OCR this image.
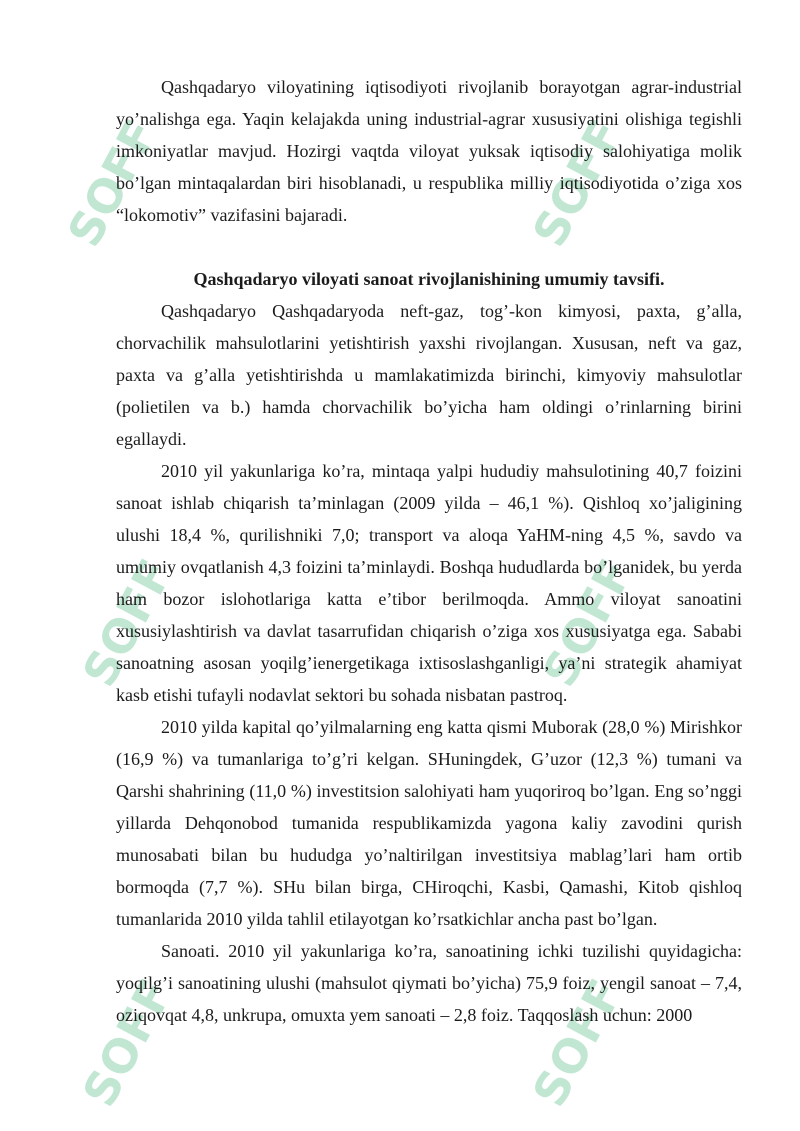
SOFF	SOFF
SOFF	SOFF
SOFF	SOFF

Qashqadaryo viloyatining iqtisodiyoti rivojlanib borayotgan agrar-industrial yo’nalishga ega. Yaqin kelajakda uning industrial-agrar xususiyatini olishiga tegishli imkoniyatlar mavjud. Hozirgi vaqtda viloyat yuksak iqtisodiy salohiyatiga molik bo’lgan mintaqalardan biri hisoblanadi, u respublika milliy iqtisodiyotida o’ziga xos “lokomotiv” vazifasini bajaradi.

Qashqadaryo viloyati sanoat rivojlanishining umumiy tavsifi.

Qashqadaryo Qashqadaryoda neft-gaz, tog’-kon kimyosi, paxta, g’alla, chorvachilik mahsulotlarini yetishtirish yaxshi rivojlangan. Xususan, neft va gaz, paxta va g’alla yetishtirishda u mamlakatimizda birinchi, kimyoviy mahsulotlar (polietilen va b.) hamda chorvachilik bo’yicha ham oldingi o’rinlarning birini egallaydi.

2010 yil yakunlariga ko’ra, mintaqa yalpi hududiy mahsulotining 40,7 foizini sanoat ishlab chiqarish ta’minlagan (2009 yilda – 46,1 %). Qishloq xo’jaligining ulushi 18,4 %, qurilishniki 7,0; transport va aloqa YaHM-ning 4,5 %, savdo va umumiy ovqatlanish 4,3 foizini ta’minlaydi. Boshqa hududlarda bo’lganidek, bu yerda ham bozor islohotlariga katta e’tibor berilmoqda. Ammo viloyat sanoatini xususiylashtirish va davlat tasarrufidan chiqarish o’ziga xos xususiyatga ega. Sababi sanoatning asosan yoqilg’ienergetikaga ixtisoslashganligi, ya’ni strategik ahamiyat kasb etishi tufayli nodavlat sektori bu sohada nisbatan pastroq.

2010 yilda kapital qo’yilmalarning eng katta qismi Muborak (28,0 %) Mirishkor (16,9 %) va tumanlariga to’g’ri kelgan. SHuningdek, G’uzor (12,3 %) tumani va Qarshi shahrining (11,0 %) investitsion salohiyati ham yuqoriroq bo’lgan. Eng so’nggi yillarda Dehqonobod tumanida respublikamizda yagona kaliy zavodini qurish munosabati bilan bu hududga yo’naltirilgan investitsiya mablag’lari ham ortib bormoqda (7,7 %). SHu bilan birga, CHiroqchi, Kasbi, Qamashi, Kitob qishloq tumanlarida 2010 yilda tahlil etilayotgan ko’rsatkichlar ancha past bo’lgan.

Sanoati. 2010 yil yakunlariga ko’ra, sanoatining ichki tuzilishi quyidagicha: yoqilg’i sanoatining ulushi (mahsulot qiymati bo’yicha) 75,9 foiz, yengil sanoat – 7,4, oziqovqat 4,8, unkrupa, omuxta yem sanoati – 2,8 foiz. Taqqoslash uchun: 2000
